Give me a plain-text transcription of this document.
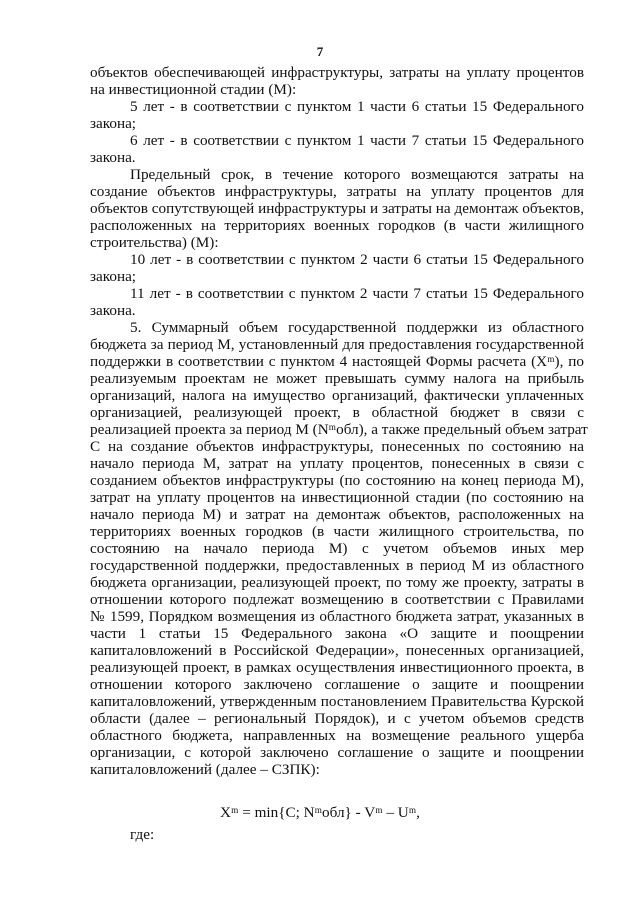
7
объектов обеспечивающей инфраструктуры, затраты на уплату процентов
на инвестиционной стадии (М):
5 лет - в соответствии с пунктом 1 части 6 статьи 15 Федерального
закона;
6 лет - в соответствии с пунктом 1 части 7 статьи 15 Федерального
закона.
Предельный срок, в течение которого возмещаются затраты на
создание объектов инфраструктуры, затраты на уплату процентов для
объектов сопутствующей инфраструктуры и затраты на демонтаж объектов,
расположенных на территориях военных городков (в части жилищного
строительства) (М):
10 лет - в соответствии с пунктом 2 части 6 статьи 15 Федерального
закона;
11 лет - в соответствии с пунктом 2 части 7 статьи 15 Федерального
закона.
5. Суммарный объем государственной поддержки из областного
бюджета за период М, установленный для предоставления государственной
поддержки в соответствии с пунктом 4 настоящей Формы расчета (Xᵐ), по
реализуемым проектам не может превышать сумму налога на прибыль
организаций, налога на имущество организаций, фактически уплаченных
организацией, реализующей проект, в областной бюджет в связи с
реализацией проекта за период М (Nᵐобл), а также предельный объем затрат
С на создание объектов инфраструктуры, понесенных по состоянию на
начало периода М, затрат на уплату процентов, понесенных в связи с
созданием объектов инфраструктуры (по состоянию на конец периода М),
затрат на уплату процентов на инвестиционной стадии (по состоянию на
начало периода М) и затрат на демонтаж объектов, расположенных на
территориях военных городков (в части жилищного строительства, по
состоянию на начало периода М) с учетом объемов иных мер
государственной поддержки, предоставленных в период М из областного
бюджета организации, реализующей проект, по тому же проекту, затраты в
отношении которого подлежат возмещению в соответствии с Правилами
№ 1599, Порядком возмещения из областного бюджета затрат, указанных в
части 1 статьи 15 Федерального закона «О защите и поощрении
капиталовложений в Российской Федерации», понесенных организацией,
реализующей проект, в рамках осуществления инвестиционного проекта, в
отношении которого заключено соглашение о защите и поощрении
капиталовложений, утвержденным постановлением Правительства Курской
области (далее – региональный Порядок), и с учетом объемов средств
областного бюджета, направленных на возмещение реального ущерба
организации, с которой заключено соглашение о защите и поощрении
капиталовложений (далее – СЗПК):
Xᵐ = min{C; Nᵐобл} - Vᵐ – Uᵐ,
где:
